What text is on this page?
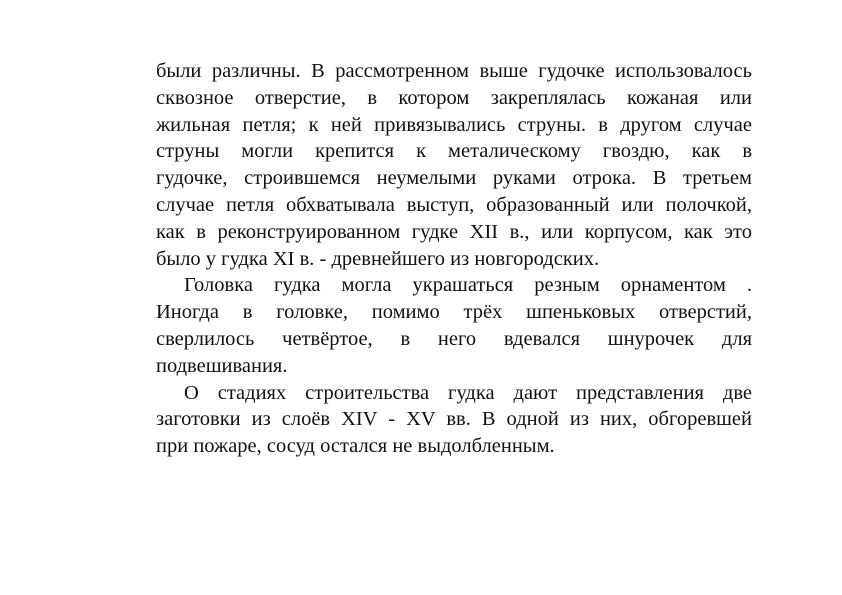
были различны. В рассмотренном выше гудочке использовалось
сквозное отверстие, в котором закреплялась кожаная или
жильная петля; к ней привязывались струны. в другом случае
струны могли крепится к металическому гвоздю, как в
гудочке, строившемся неумелыми руками отрока. В третьем
случае петля обхватывала выступ, образованный или полочкой,
как в реконструированном гудке XII в., или корпусом, как это
было у гудка XI в. - древнейшего из новгородских.
Головка гудка могла украшаться резным орнаментом .
Иногда в головке, помимо трёх шпеньковых отверстий,
сверлилось четвёртое, в него вдевался шнурочек для
подвешивания.
О стадиях строительства гудка дают представления две
заготовки из слоёв XIV - XV вв. В одной из них, обгоревшей
при пожаре, сосуд остался не выдолбленным.
